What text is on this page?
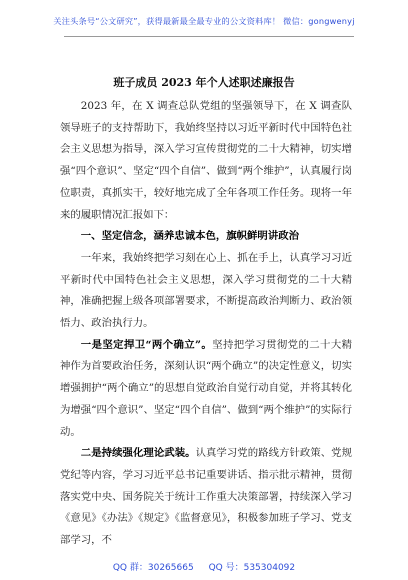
关注头条号“公文研究”，获得最新最全最专业的公文资料库！ 微信：gongwenyj
班子成员 2023 年个人述职述廉报告

2023 年，在 X 调查总队党组的坚强领导下，在 X 调查队领导班子的支持帮助下，我始终坚持以习近平新时代中国特色社会主义思想为指导，深入学习宣传贯彻党的二十大精神，切实增强“四个意识”、坚定“四个自信”、做到“两个维护”，认真履行岗位职责，真抓实干，较好地完成了全年各项工作任务。现将一年来的履职情况汇报如下：

一、坚定信念，涵养忠诚本色，旗帜鲜明讲政治

一年来，我始终把学习刻在心上、抓在手上，认真学习习近平新时代中国特色社会主义思想，深入学习贯彻党的二十大精神，准确把握上级各项部署要求，不断提高政治判断力、政治领悟力、政治执行力。

一是坚定捍卫“两个确立”。坚持把学习贯彻党的二十大精神作为首要政治任务，深刻认识“两个确立”的决定性意义，切实增强拥护“两个确立”的思想自觉政治自觉行动自觉，并将其转化为增强“四个意识”、坚定“四个自信”、做到“两个维护”的实际行动。

二是持续强化理论武装。认真学习党的路线方针政策、党规党纪等内容，学习习近平总书记重要讲话、指示批示精神，贯彻落实党中央、国务院关于统计工作重大决策部署，持续深入学习《意见》《办法》《规定》《监督意见》，积极参加班子学习、党支部学习，不

QQ 群：30265665 QQ 号：535304092
